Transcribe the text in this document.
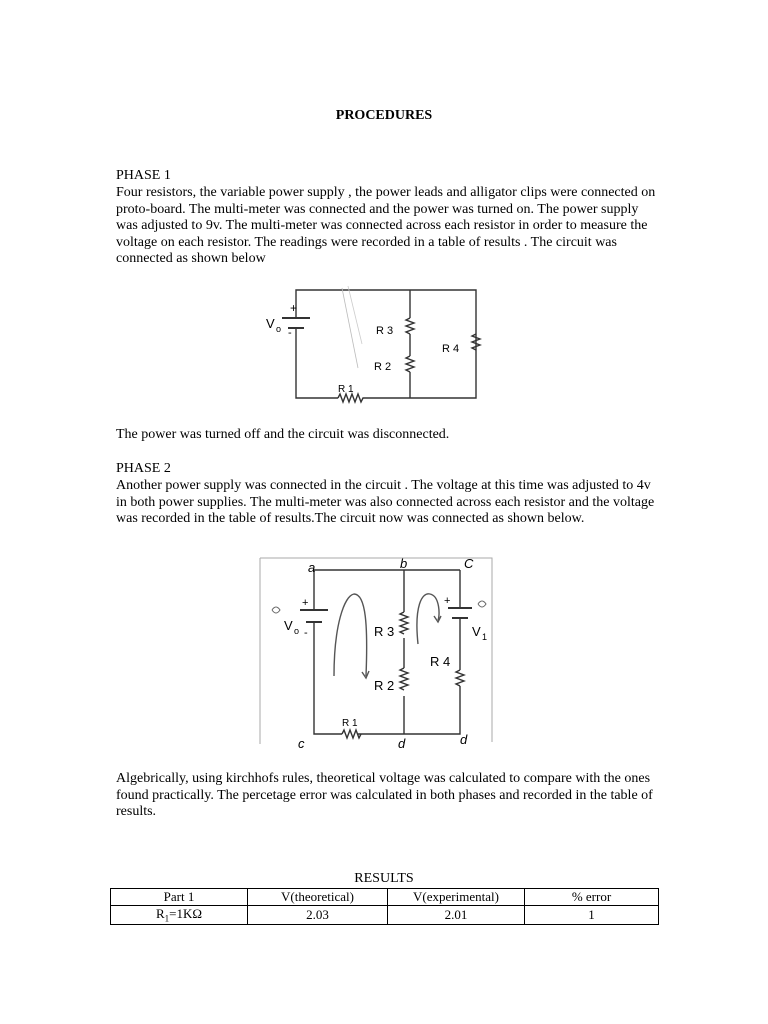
PROCEDURES
PHASE 1

Four resistors, the variable power supply , the power leads and alligator clips were connected on proto-board. The multi-meter was connected and the power was turned on. The power supply was adjusted to 9v. The multi-meter was connected across each resistor in order to measure the voltage on each resistor. The readings were recorded in a table of results . The circuit was connected as shown below

+
V o -	R 3
R 2
R 4
R 1
The power was turned off and the circuit was disconnected.
PHASE 2

Another power supply was connected in the circuit . The voltage at this time was adjusted to 4v in both power supplies. The multi-meter was also connected across each resistor and the voltage was recorded in the table of results.The circuit now was connected as shown below.

a	b	C
c	d	d
+
V o -
+
V 1
R 3
R 2
R 4
R 1

Algebrically, using kirchhofs rules, theoretical voltage was calculated to compare with the ones found practically. The percetage error was calculated in both phases and recorded in the table of results.

RESULTS
Part 1	V(theoretical)	V(experimental)	% error
$R_1=1K\Omega$	2.03	2.01	1
